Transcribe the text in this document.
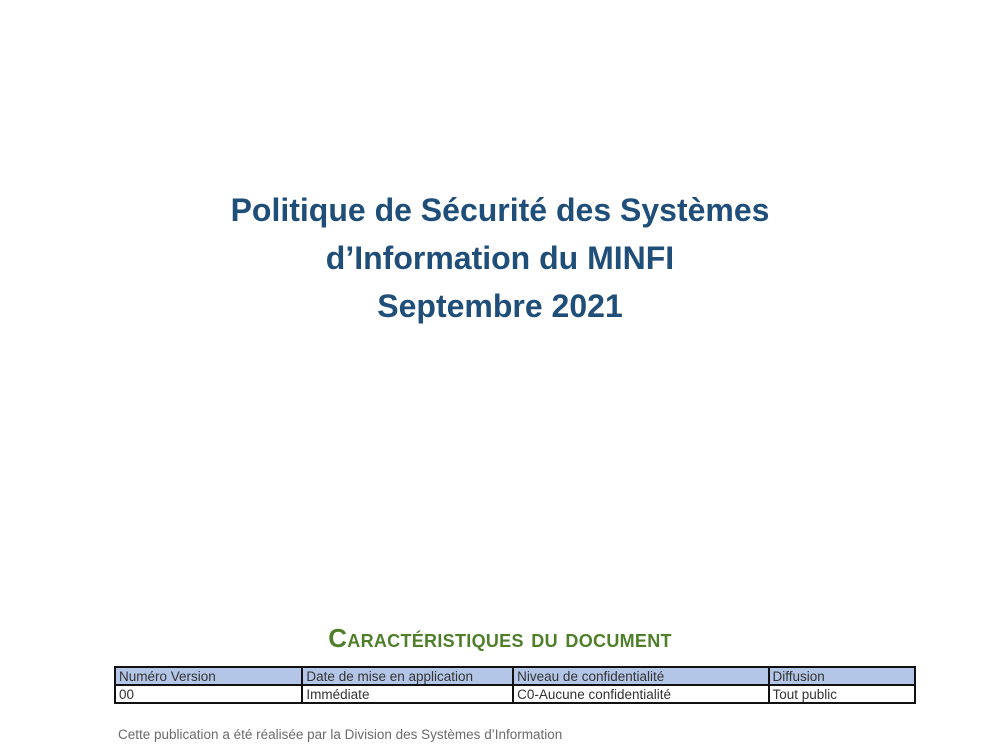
Politique de Sécurité des Systèmes
d’Information du MINFI
Septembre 2021
Caractéristiques du document
Numéro Version	Date de mise en application	Niveau de confidentialité	Diffusion
00	Immédiate	C0-Aucune confidentialité	Tout public
Cette publication a été réalisée par la Division des Systèmes d’Information
